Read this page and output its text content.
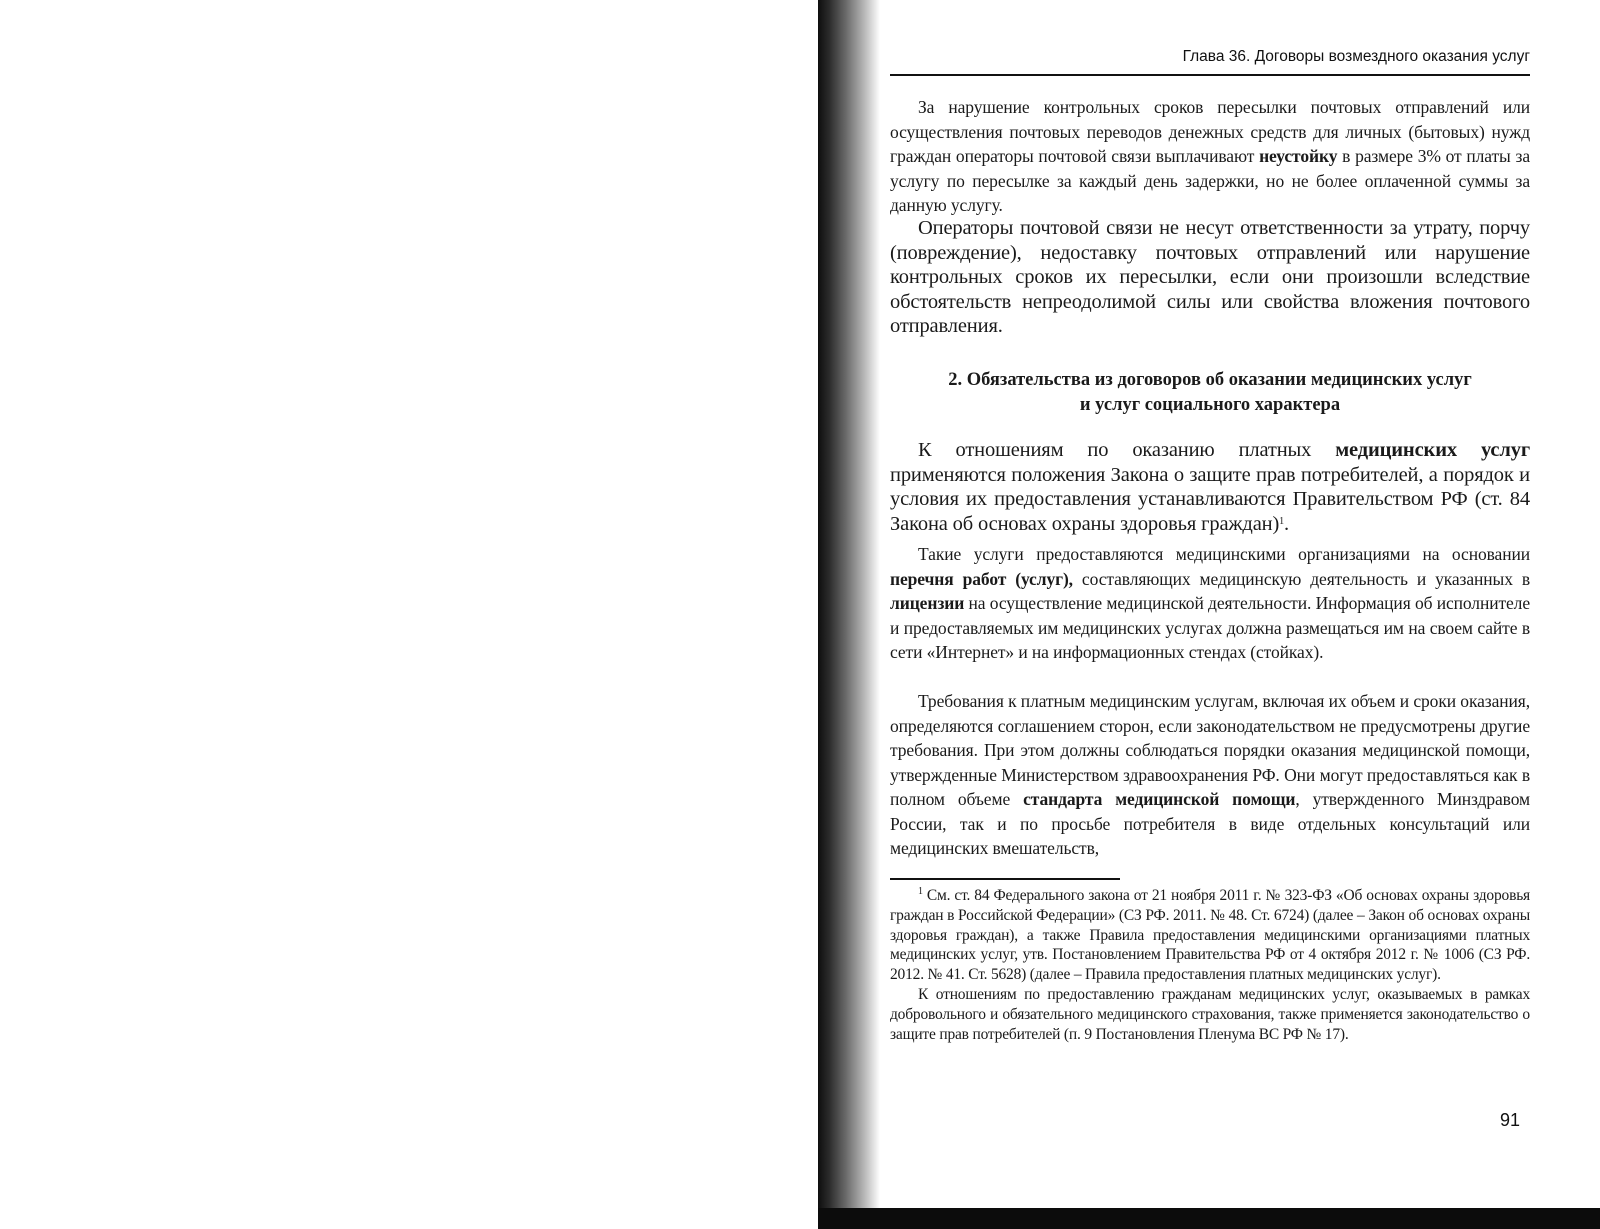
Глава 36. Договоры возмездного оказания услуг

За нарушение контрольных сроков пересылки почтовых отправлений или осуществления почтовых переводов денежных средств для личных (бытовых) нужд граждан операторы почтовой связи выплачивают неустойку в размере 3% от платы за услугу по пересылке за каждый день задержки, но не более оплаченной суммы за данную услугу.

Операторы почтовой связи не несут ответственности за утрату, порчу (повреждение), недоставку почтовых отправлений или нарушение контрольных сроков их пересылки, если они произошли вследствие обстоятельств непреодолимой силы или свойства вложения почтового отправления.

2. Обязательства из договоров об оказании медицинских услуг
и услуг социального характера

К отношениям по оказанию платных медицинских услуг применяются положения Закона о защите прав потребителей, а порядок и условия их предоставления устанавливаются Правительством РФ (ст. 84 Закона об основах охраны здоровья граждан)$^1$.

Такие услуги предоставляются медицинскими организациями на основании перечня работ (услуг), составляющих медицинскую деятельность и указанных в лицензии на осуществление медицинской деятельности. Информация об исполнителе и предоставляемых им медицинских услугах должна размещаться им на своем сайте в сети «Интернет» и на информационных стендах (стойках).

Требования к платным медицинским услугам, включая их объем и сроки оказания, определяются соглашением сторон, если законодательством не предусмотрены другие требования. При этом должны соблюдаться порядки оказания медицинской помощи, утвержденные Министерством здравоохранения РФ. Они могут предоставляться как в полном объеме стандарта медицинской помощи, утвержденного Минздравом России, так и по просьбе потребителя в виде отдельных консультаций или медицинских вмешательств,

$^1$ См. ст. 84 Федерального закона от 21 ноября 2011 г. № 323-ФЗ «Об основах охраны здоровья граждан в Российской Федерации» (СЗ РФ. 2011. № 48. Ст. 6724) (далее – Закон об основах охраны здоровья граждан), а также Правила предоставления медицинскими организациями платных медицинских услуг, утв. Постановлением Правительства РФ от 4 октября 2012 г. № 1006 (СЗ РФ. 2012. № 41. Ст. 5628) (далее – Правила предоставления платных медицинских услуг).

К отношениям по предоставлению гражданам медицинских услуг, оказываемых в рамках добровольного и обязательного медицинского страхования, также применяется законодательство о защите прав потребителей (п. 9 Постановления Пленума ВС РФ № 17).

91
